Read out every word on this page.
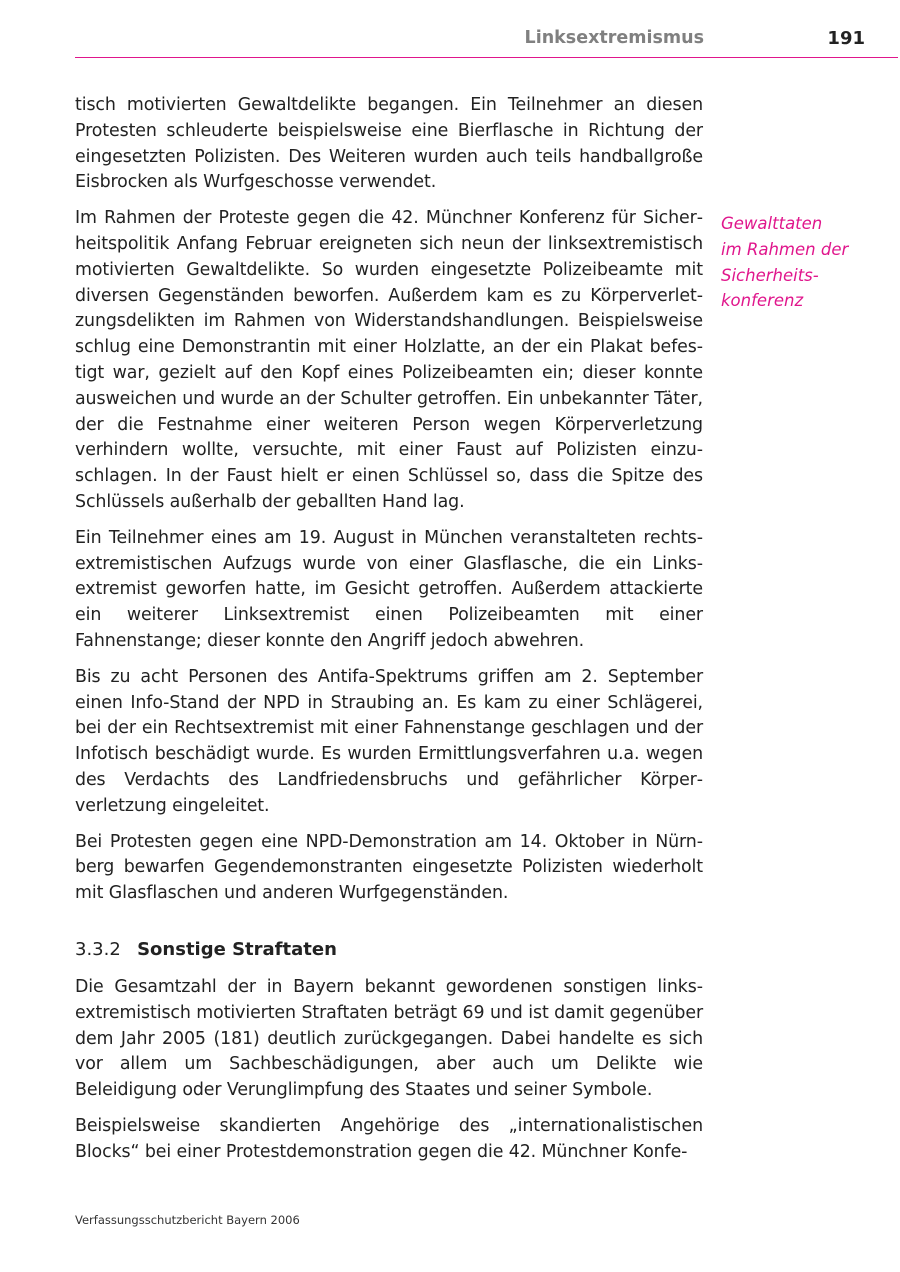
Linksextremismus	191

tisch motivierten Gewaltdelikte begangen. Ein Teilnehmer an diesen Protesten schleuderte beispielsweise eine Bierflasche in Richtung der eingesetzten Polizisten. Des Weiteren wurden auch teils handballgroße Eisbrocken als Wurfgeschosse verwendet.

Im Rahmen der Proteste gegen die 42. Münchner Konferenz für Sicherheitspolitik Anfang Februar ereigneten sich neun der linksextremistisch motivierten Gewaltdelikte. So wurden eingesetzte Polizeibeamte mit diversen Gegenständen beworfen. Außerdem kam es zu Körperverletzungsdelikten im Rahmen von Widerstandshandlungen. Beispielsweise schlug eine Demonstrantin mit einer Holzlatte, an der ein Plakat befestigt war, gezielt auf den Kopf eines Polizeibeamten ein; dieser konnte ausweichen und wurde an der Schulter getroffen. Ein unbekannter Täter, der die Festnahme einer weiteren Person wegen Körperverletzung verhindern wollte, versuchte, mit einer Faust auf Polizisten einzuschlagen. In der Faust hielt er einen Schlüssel so, dass die Spitze des Schlüssels außerhalb der geballten Hand lag.

Ein Teilnehmer eines am 19. August in München veranstalteten rechtsextremistischen Aufzugs wurde von einer Glasflasche, die ein Linksextremist geworfen hatte, im Gesicht getroffen. Außerdem attackierte ein weiterer Linksextremist einen Polizeibeamten mit einer Fahnenstange; dieser konnte den Angriff jedoch abwehren.

Bis zu acht Personen des Antifa-Spektrums griffen am 2. September einen Info-Stand der NPD in Straubing an. Es kam zu einer Schlägerei, bei der ein Rechtsextremist mit einer Fahnenstange geschlagen und der Infotisch beschädigt wurde. Es wurden Ermittlungsverfahren u.a. wegen des Verdachts des Landfriedensbruchs und gefährlicher Körperverletzung eingeleitet.

Bei Protesten gegen eine NPD-Demonstration am 14. Oktober in Nürnberg bewarfen Gegendemonstranten eingesetzte Polizisten wiederholt mit Glasflaschen und anderen Wurfgegenständen.

3.3.2 Sonstige Straftaten

Die Gesamtzahl der in Bayern bekannt gewordenen sonstigen linksextremistisch motivierten Straftaten beträgt 69 und ist damit gegenüber dem Jahr 2005 (181) deutlich zurückgegangen. Dabei handelte es sich vor allem um Sachbeschädigungen, aber auch um Delikte wie Beleidigung oder Verunglimpfung des Staates und seiner Symbole.

Beispielsweise skandierten Angehörige des „internationalistischen Blocks“ bei einer Protestdemonstration gegen die 42. Münchner Konfe-

Gewalttaten
im Rahmen der
Sicherheits-
konferenz
Verfassungsschutzbericht Bayern 2006
